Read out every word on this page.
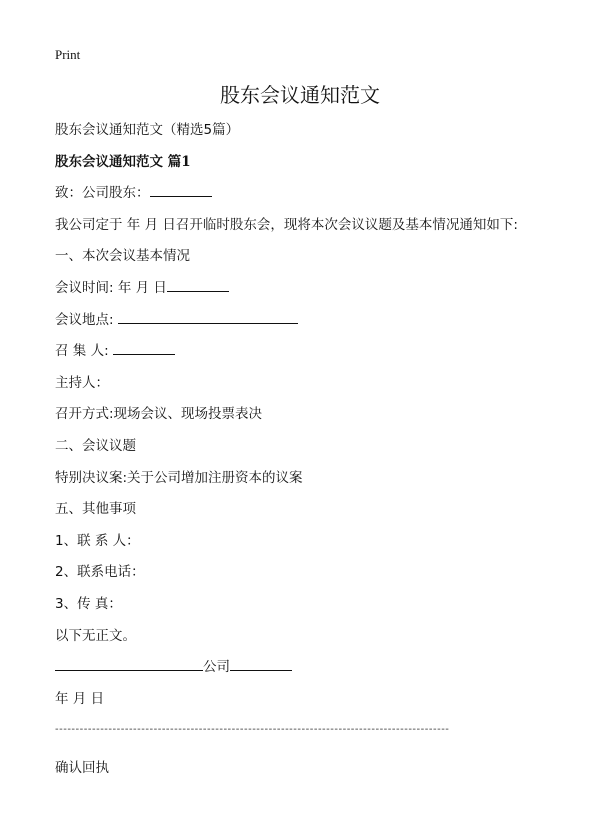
Print
股东会议通知范文
股东会议通知范文（精选5篇）
股东会议通知范文 篇1
致：公司股东：
我公司定于 年 月 日召开临时股东会，现将本次会议议题及基本情况通知如下:
一、本次会议基本情况
会议时间: 年 月 日
会议地点:
召 集 人:
主持人：
召开方式:现场会议、现场投票表决
二、会议议题
特别决议案:关于公司增加注册资本的议案
五、其他事项
1、联 系 人：
2、联系电话：
3、传 真：
以下无正文。
公司
年 月 日
------------------------------------------------------------------------------------------------
确认回执
